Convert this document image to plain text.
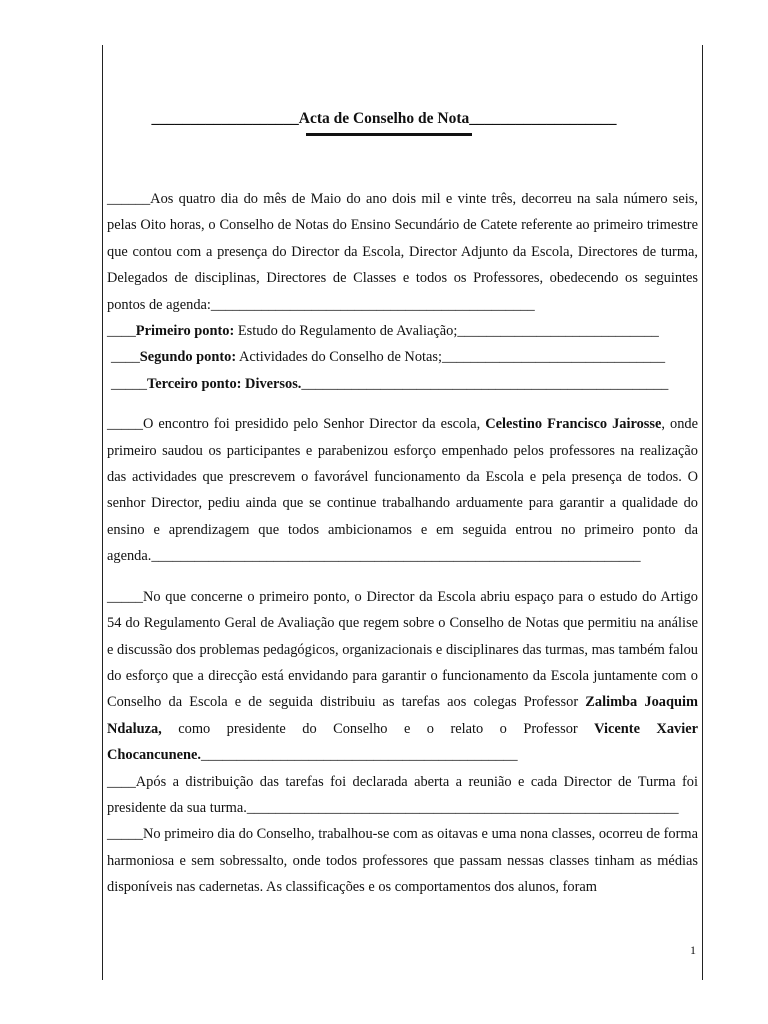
___________________Acta de Conselho de Nota___________________

______Aos quatro dia do mês de Maio do ano dois mil e vinte três, decorreu na sala número seis, pelas Oito horas, o Conselho de Notas do Ensino Secundário de Catete referente ao primeiro trimestre que contou com a presença do Director da Escola, Director Adjunto da Escola, Directores de turma, Delegados de disciplinas, Directores de Classes e todos os Professores, obedecendo os seguintes pontos de agenda:_____________________________________________

____Primeiro ponto: Estudo do Regulamento de Avaliação;____________________________

____Segundo ponto: Actividades do Conselho de Notas;_______________________________

_____Terceiro ponto: Diversos.___________________________________________________

_____O encontro foi presidido pelo Senhor Director da escola, Celestino Francisco Jairosse, onde primeiro saudou os participantes e parabenizou esforço empenhado pelos professores na realização das actividades que prescrevem o favorável funcionamento da Escola e pela presença de todos. O senhor Director, pediu ainda que se continue trabalhando arduamente para garantir a qualidade do ensino e aprendizagem que todos ambicionamos e em seguida entrou no primeiro ponto da agenda.____________________________________________________________________

_____No que concerne o primeiro ponto, o Director da Escola abriu espaço para o estudo do Artigo 54 do Regulamento Geral de Avaliação que regem sobre o Conselho de Notas que permitiu na análise e discussão dos problemas pedagógicos, organizacionais e disciplinares das turmas, mas também falou do esforço que a direcção está envidando para garantir o funcionamento da Escola juntamente com o Conselho da Escola e de seguida distribuiu as tarefas aos colegas Professor Zalimba Joaquim Ndaluza, como presidente do Conselho e o relato o Professor Vicente Xavier Chocancunene.____________________________________________

____Após a distribuição das tarefas foi declarada aberta a reunião e cada Director de Turma foi presidente da sua turma.____________________________________________________________

_____No primeiro dia do Conselho, trabalhou-se com as oitavas e uma nona classes, ocorreu de forma harmoniosa e sem sobressalto, onde todos professores que passam nessas classes tinham as médias disponíveis nas cadernetas. As classificações e os comportamentos dos alunos, foram

1
